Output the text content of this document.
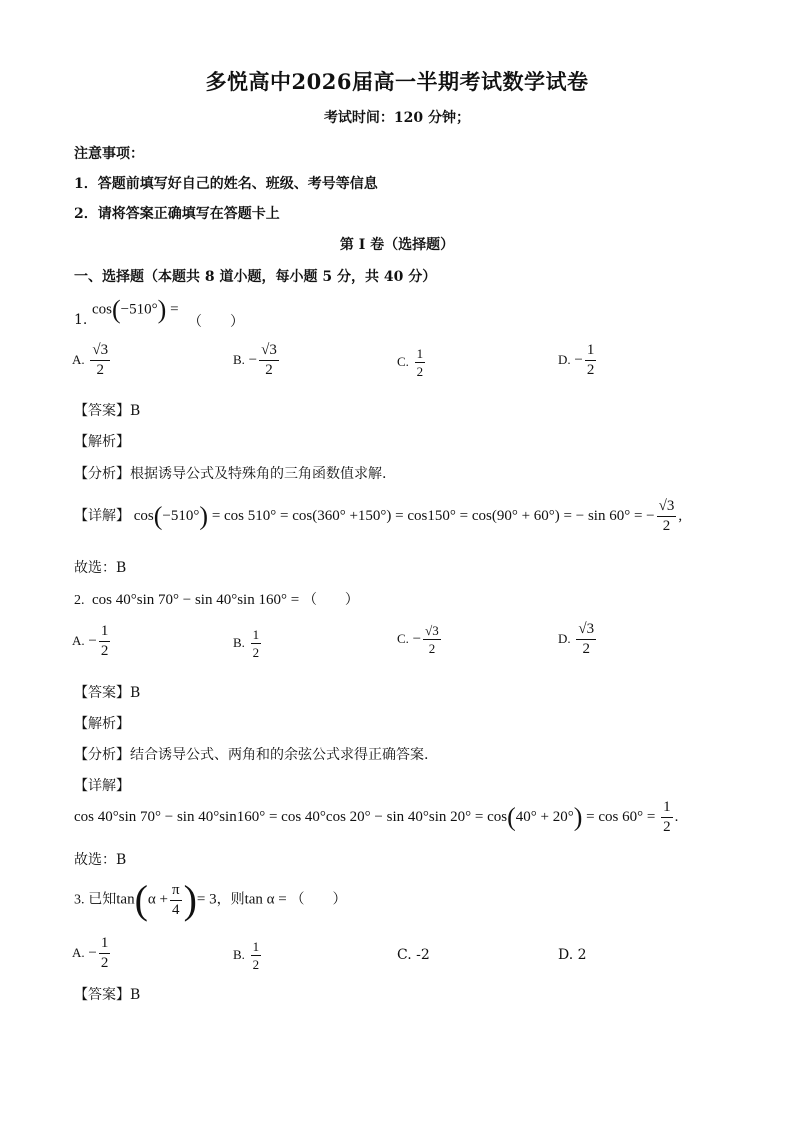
多悦高中2026届高一半期考试数学试卷
考试时间：120 分钟；
注意事项：
1．答题前填写好自己的姓名、班级、考号等信息
2．请将答案正确填写在答题卡上
第 I 卷（选择题）
一、选择题（本题共 8 道小题，每小题 5 分，共 40 分）
cos(−510°) =
1.	（　　）
A. $\frac{√3}{2}$	B. − $\frac{√3}{2}$	C. $\frac{1}{2}$	D. − $\frac{1}{2}$
【答案】B
【解析】
【分析】根据诱导公式及特殊角的三角函数值求解.
【详解】 cos(−510°) = cos 510° = cos(360° +150°) = cos150° = cos(90° + 60°) = − sin 60° = − $\frac{√3}{2}$ ,
故选：B
2. cos 40°sin 70° − sin 40°sin 160° = （　　）
A. − $\frac{1}{2}$	B. $\frac{1}{2}$	C. − $\frac{√3}{2}$	D. $\frac{√3}{2}$
【答案】B
【解析】
【分析】结合诱导公式、两角和的余弦公式求得正确答案.
【详解】
cos 40°sin 70° − sin 40°sin160° = cos 40°cos 20° − sin 40°sin $20^\circ = \cos(40^\circ + 20^\circ) = \cos 60^\circ = \frac{1}{2}$ .
故选：B
3. 已知$\tan(\alpha + \frac{\pi}{4}$ )= 3，则tan α = （　　）
A. − $\frac{1}{2}$	B. $\frac{1}{2}$	C. -2	D. 2
【答案】B
